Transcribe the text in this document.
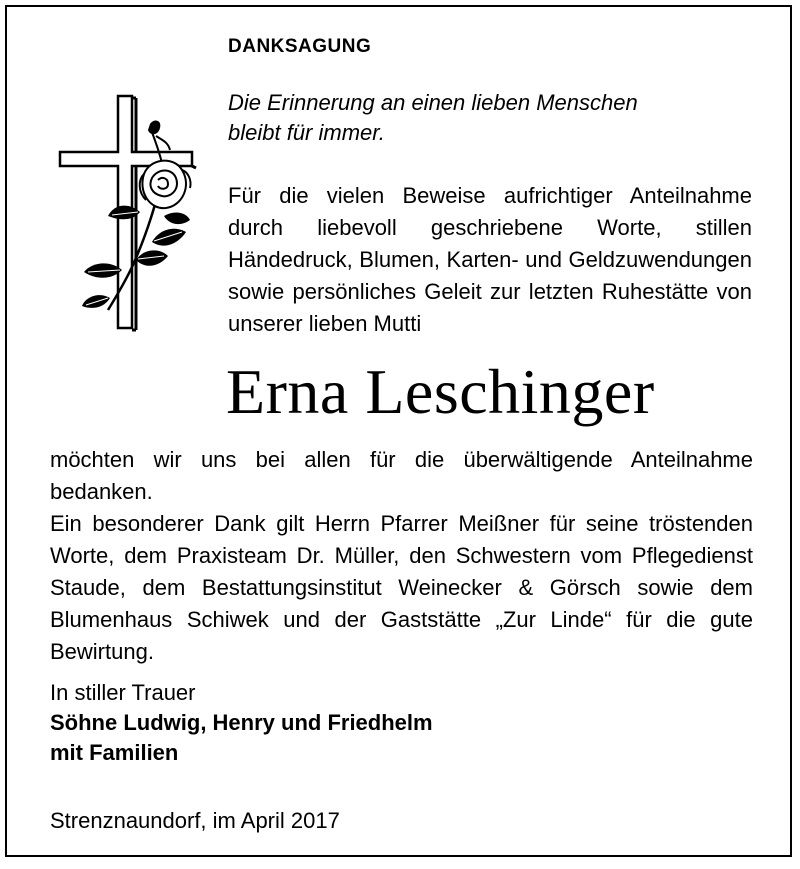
DANKSAGUNG
Die Erinnerung an einen lieben Menschen
bleibt für immer.
Für die vielen Beweise aufrichtiger Anteilnahme durch liebevoll geschriebene Worte, stillen Händedruck, Blumen, Karten- und Geldzuwendungen sowie persönliches Geleit zur letzten Ruhestätte von unserer lieben Mutti
Erna Leschinger

möchten wir uns bei allen für die überwältigende Anteilnahme bedanken.

Ein besonderer Dank gilt Herrn Pfarrer Meißner für seine tröstenden Worte, dem Praxisteam Dr. Müller, den Schwestern vom Pflegedienst Staude, dem Bestattungsinstitut Weinecker & Görsch sowie dem Blumenhaus Schiwek und der Gaststätte „Zur Linde“ für die gute Bewirtung.

In stiller Trauer
Söhne Ludwig, Henry und Friedhelm
mit Familien
Strenznaundorf, im April 2017
